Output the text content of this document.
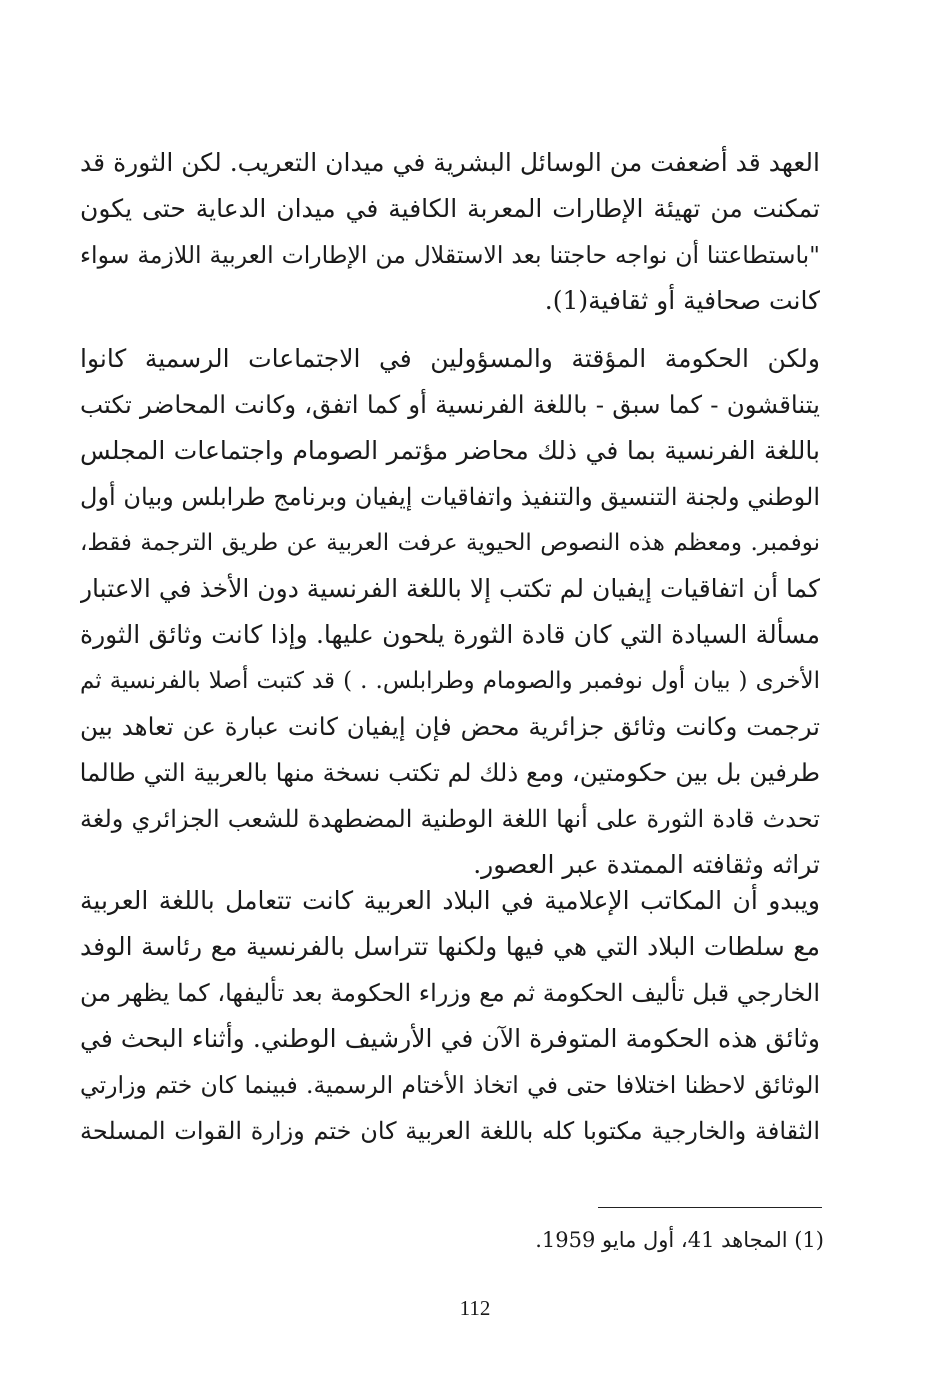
العهد قد أضعفت من الوسائل البشرية في ميدان التعريب. لكن الثورة قد
تمكنت من تهيئة الإطارات المعربة الكافية في ميدان الدعاية حتى يكون
"باستطاعتنا أن نواجه حاجتنا بعد الاستقلال من الإطارات العربية اللازمة سواء
كانت صحافية أو ثقافية(1).
ولكن الحكومة المؤقتة والمسؤولين في الاجتماعات الرسمية كانوا
يتناقشون - كما سبق - باللغة الفرنسية أو كما اتفق، وكانت المحاضر تكتب
باللغة الفرنسية بما في ذلك محاضر مؤتمر الصومام واجتماعات المجلس
الوطني ولجنة التنسيق والتنفيذ واتفاقيات إيفيان وبرنامج طرابلس وبيان أول
نوفمبر. ومعظم هذه النصوص الحيوية عرفت العربية عن طريق الترجمة فقط،
كما أن اتفاقيات إيفيان لم تكتب إلا باللغة الفرنسية دون الأخذ في الاعتبار
مسألة السيادة التي كان قادة الثورة يلحون عليها. وإذا كانت وثائق الثورة
الأخرى ( بيان أول نوفمبر والصومام وطرابلس. . ) قد كتبت أصلا بالفرنسية ثم
ترجمت وكانت وثائق جزائرية محض فإن إيفيان كانت عبارة عن تعاهد بين
طرفين بل بين حكومتين، ومع ذلك لم تكتب نسخة منها بالعربية التي طالما
تحدث قادة الثورة على أنها اللغة الوطنية المضطهدة للشعب الجزائري ولغة
تراثه وثقافته الممتدة عبر العصور.
ويبدو أن المكاتب الإعلامية في البلاد العربية كانت تتعامل باللغة العربية
مع سلطات البلاد التي هي فيها ولكنها تتراسل بالفرنسية مع رئاسة الوفد
الخارجي قبل تأليف الحكومة ثم مع وزراء الحكومة بعد تأليفها، كما يظهر من
وثائق هذه الحكومة المتوفرة الآن في الأرشيف الوطني. وأثناء البحث في
الوثائق لاحظنا اختلافا حتى في اتخاذ الأختام الرسمية. فبينما كان ختم وزارتي
الثقافة والخارجية مكتوبا كله باللغة العربية كان ختم وزارة القوات المسلحة
(1) المجاهد 41، أول مايو 1959.
112
